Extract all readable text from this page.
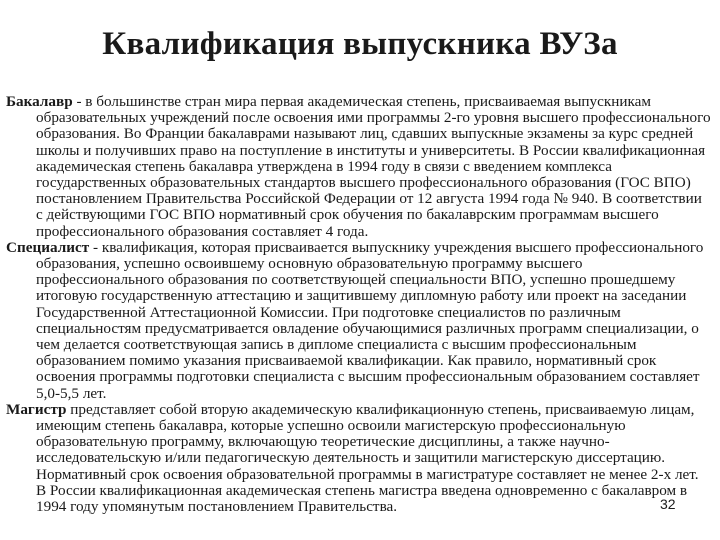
Квалификация выпускника ВУЗа

Бакалавр - в большинстве стран мира первая академическая степень, присваиваемая выпускникам образовательных учреждений после освоения ими программы 2-го уровня высшего профессионального образования. Во Франции бакалаврами называют лиц, сдавших выпускные экзамены за курс средней школы и получивших право на поступление в институты и университеты. В России квалификационная академическая степень бакалавра утверждена в 1994 году в связи с введением комплекса государственных образовательных стандартов высшего профессионального образования (ГОС ВПО) постановлением Правительства Российской Федерации от 12 августа 1994 года № 940. В соответствии с действующими ГОС ВПО нормативный срок обучения по бакалаврским программам высшего профессионального образования составляет 4 года.

Специалист - квалификация, которая присваивается выпускнику учреждения высшего профессионального образования, успешно освоившему основную образовательную программу высшего профессионального образования по соответствующей специальности ВПО, успешно прошедшему итоговую государственную аттестацию и защитившему дипломную работу или проект на заседании Государственной Аттестационной Комиссии. При подготовке специалистов по различным специальностям предусматривается овладение обучающимися различных программ специализации, о чем делается соответствующая запись в дипломе специалиста с высшим профессиональным образованием помимо указания присваиваемой квалификации. Как правило, нормативный срок освоения программы подготовки специалиста с высшим профессиональным образованием составляет 5,0-5,5 лет.

Магистр представляет собой вторую академическую квалификационную степень, присваиваемую лицам, имеющим степень бакалавра, которые успешно освоили магистерскую профессиональную образовательную программу, включающую теоретические дисциплины, а также научно-исследовательскую и/или педагогическую деятельность и защитили магистерскую диссертацию. Нормативный срок освоения образовательной программы в магистратуре составляет не менее 2-х лет. В России квалификационная академическая степень магистра введена одновременно с бакалавром в 1994 году упомянутым постановлением Правительства.	32
